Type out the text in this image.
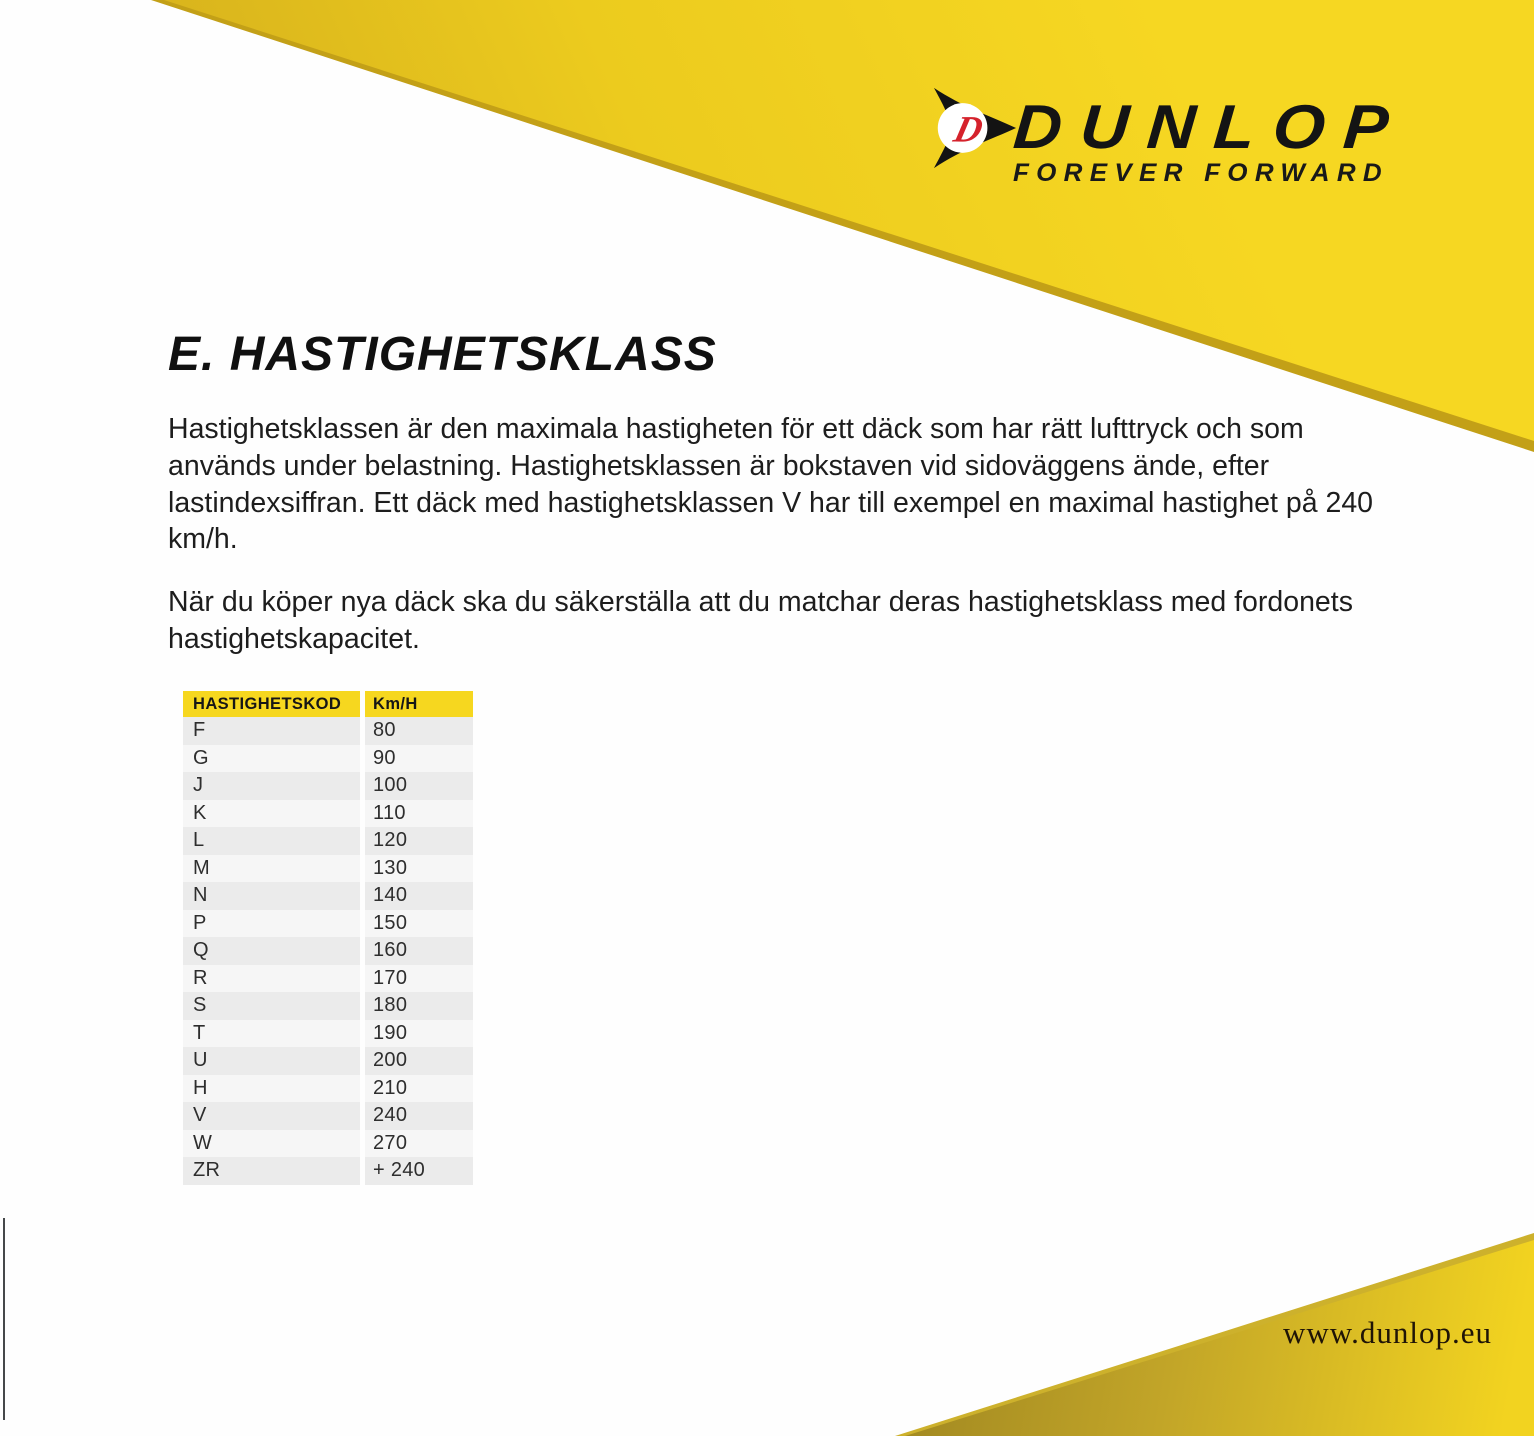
D DUNLOP
FOREVER FORWARD
E. HASTIGHETSKLASS
Hastighetsklassen är den maximala hastigheten för ett däck som har rätt lufttryck och som används under belastning. Hastighetsklassen är bokstaven vid sidoväggens ände, efter lastindexsiffran. Ett däck med hastighetsklassen V har till exempel en maximal hastighet på 240 km/h.
När du köper nya däck ska du säkerställa att du matchar deras hastighetsklass med fordonets hastighetskapacitet.
HASTIGHETSKOD	Km/H
F	80
G	90
J	100
K	110
L	120
M	130
N	140
P	150
Q	160
R	170
S	180
T	190
U	200
H	210
V	240
W	270
ZR	+ 240
www.dunlop.eu
